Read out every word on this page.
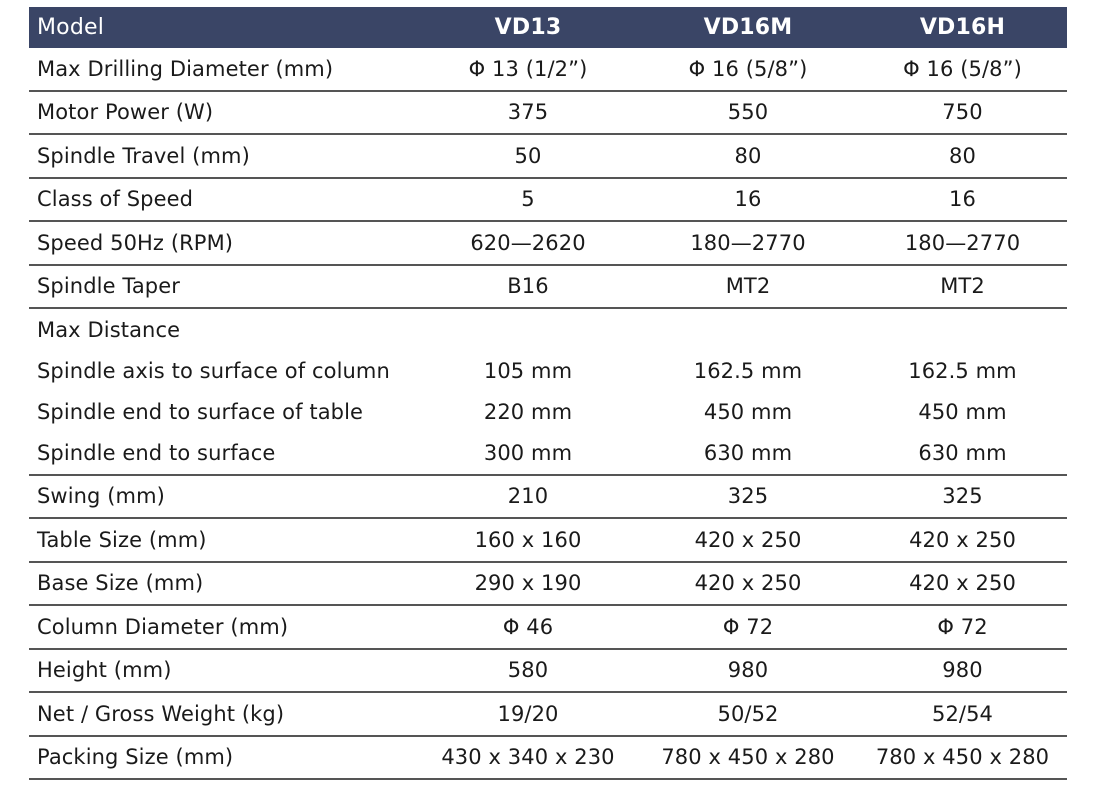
Model	VD13	VD16M	VD16H
Max Drilling Diameter (mm)	Φ 13 (1/2”)	Φ 16 (5/8”)	Φ 16 (5/8”)
Motor Power (W)	375	550	750
Spindle Travel (mm)	50	80	80
Class of Speed	5	16	16
Speed 50Hz (RPM)	620—2620	180—2770	180—2770
Spindle Taper	B16	MT2	MT2
Max Distance			
Spindle axis to surface of column	105 mm	162.5 mm	162.5 mm
Spindle end to surface of table	220 mm	450 mm	450 mm
Spindle end to surface	300 mm	630 mm	630 mm
Swing (mm)	210	325	325
Table Size (mm)	160 x 160	420 x 250	420 x 250
Base Size (mm)	290 x 190	420 x 250	420 x 250
Column Diameter (mm)	Φ 46	Φ 72	Φ 72
Height (mm)	580	980	980
Net / Gross Weight (kg)	19/20	50/52	52/54
Packing Size (mm)	430 x 340 x 230	780 x 450 x 280	780 x 450 x 280
